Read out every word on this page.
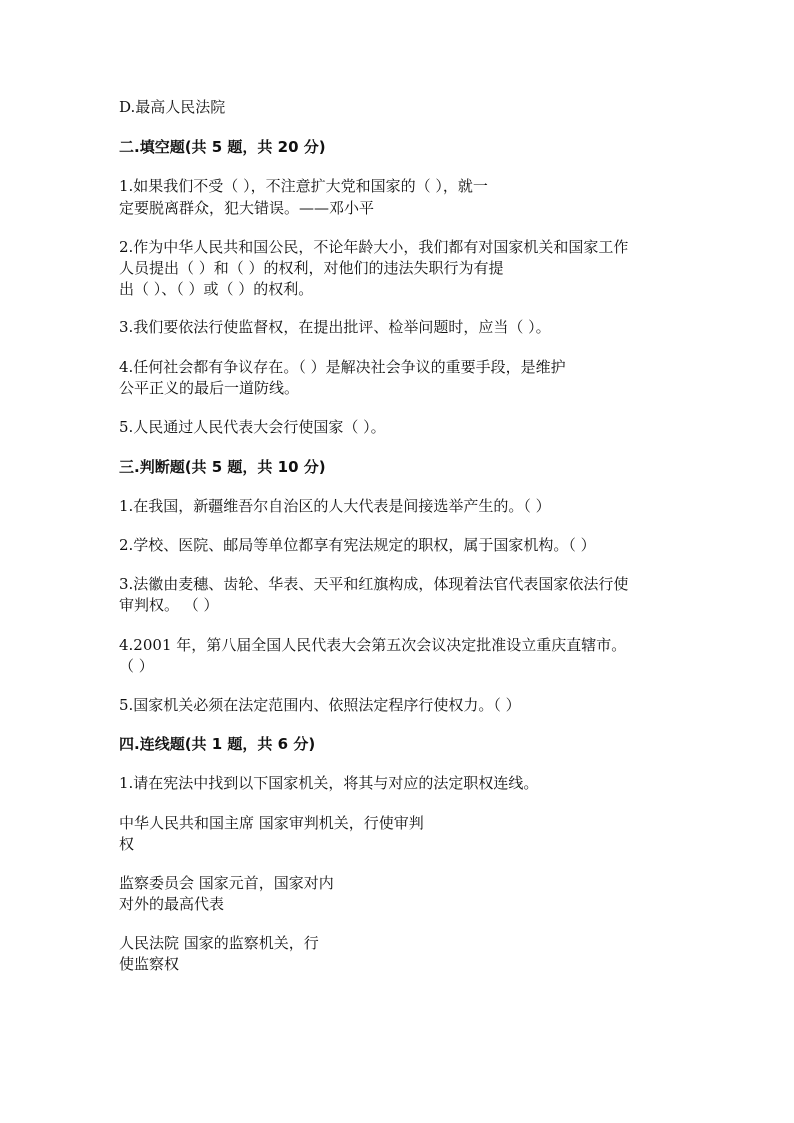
D.最高人民法院
二.填空题(共 5 题，共 20 分)
1.如果我们不受（ ），不注意扩大党和国家的（ ），就一
定要脱离群众，犯大错误。——邓小平
2.作为中华人民共和国公民，不论年龄大小，我们都有对国家机关和国家工作
人员提出（ ）和（ ）的权利，对他们的违法失职行为有提
出（ ）、（ ）或（ ）的权利。
3.我们要依法行使监督权，在提出批评、检举问题时，应当（ ）。
4.任何社会都有争议存在。（ ）是解决社会争议的重要手段，是维护
公平正义的最后一道防线。
5.人民通过人民代表大会行使国家（ ）。
三.判断题(共 5 题，共 10 分)
1.在我国，新疆维吾尔自治区的人大代表是间接选举产生的。（ ）
2.学校、医院、邮局等单位都享有宪法规定的职权，属于国家机构。（ ）
3.法徽由麦穗、齿轮、华表、天平和红旗构成，体现着法官代表国家依法行使
审判权。 （ ）
4.2001 年，第八届全国人民代表大会第五次会议决定批准设立重庆直辖市。
（ ）
5.国家机关必须在法定范围内、依照法定程序行使权力。（ ）
四.连线题(共 1 题，共 6 分)
1.请在宪法中找到以下国家机关，将其与对应的法定职权连线。
中华人民共和国主席 国家审判机关，行使审判
权
监察委员会 国家元首，国家对内
对外的最高代表
人民法院 国家的监察机关，行
使监察权
